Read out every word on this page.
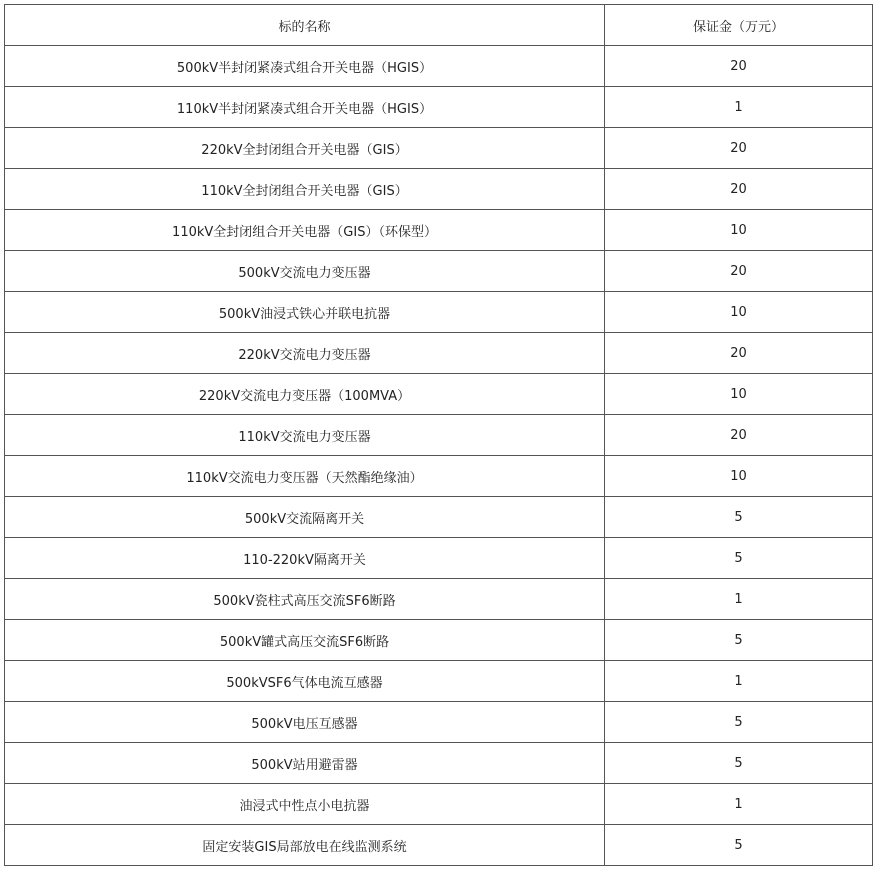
标的名称	保证金（万元）
500kV半封闭紧凑式组合开关电器（HGIS）	20
110kV半封闭紧凑式组合开关电器（HGIS）	1
220kV全封闭组合开关电器（GIS）	20
110kV全封闭组合开关电器（GIS）	20
110kV全封闭组合开关电器（GIS）（环保型）	10
500kV交流电力变压器	20
500kV油浸式铁心并联电抗器	10
220kV交流电力变压器	20
220kV交流电力变压器（100MVA）	10
110kV交流电力变压器	20
110kV交流电力变压器（天然酯绝缘油）	10
500kV交流隔离开关	5
110-220kV隔离开关	5
500kV瓷柱式高压交流SF6断路	1
500kV罐式高压交流SF6断路	5
500kVSF6气体电流互感器	1
500kV电压互感器	5
500kV站用避雷器	5
油浸式中性点小电抗器	1
固定安装GIS局部放电在线监测系统	5
